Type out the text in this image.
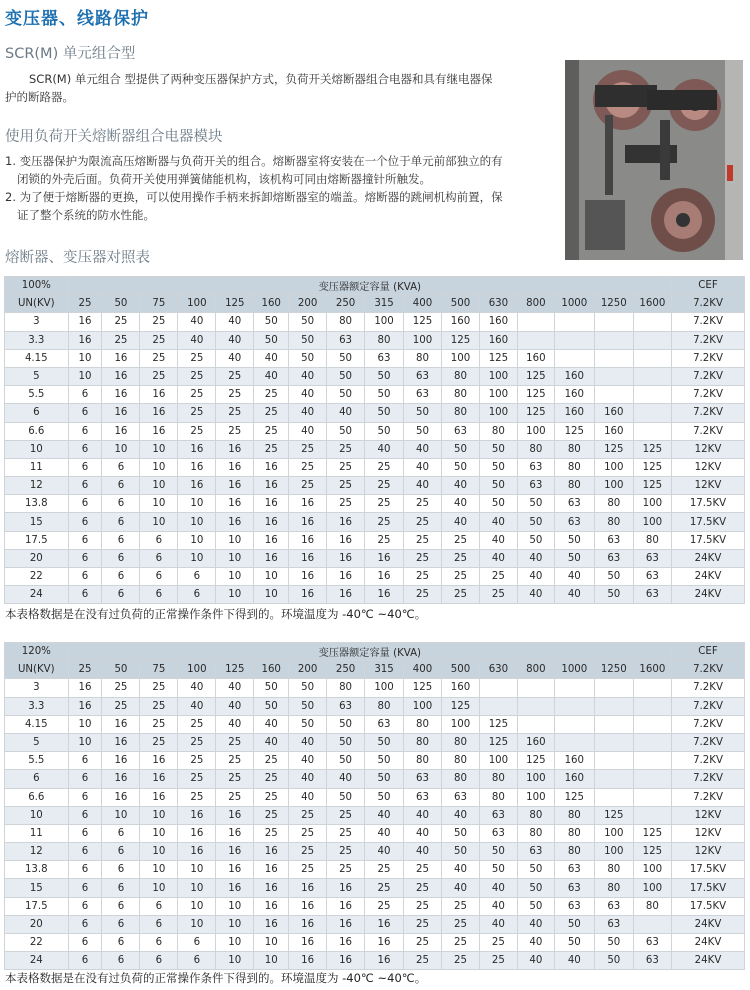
变压器、线路保护
SCR(M) 单元组合型

SCR(M) 单元组合 型提供了两种变压器保护方式，负荷开关熔断器组合电器和具有继电器保护的断路器。

使用负荷开关熔断器组合电器模块

1. 变压器保护为限流高压熔断器与负荷开关的组合。熔断器室将安装在一个位于单元前部独立的有闭锁的外壳后面。负荷开关使用弹簧储能机构，该机构可同由熔断器撞针所触发。

2. 为了便于熔断器的更换，可以使用操作手柄来拆卸熔断器室的端盖。熔断器的跳闸机构前置，保证了整个系统的防水性能。

熔断器、变压器对照表
100%	变压器额定容量 (KVA)																CEF
UN(KV)	25	50	75	100	125	160	200	250	315	400	500	630	800	1000	1250	1600	7.2KV
3	16	25	25	40	40	50	50	80	100	125	160	160					7.2KV
3.3	16	25	25	40	40	50	50	63	80	100	125	160					7.2KV
4.15	10	16	25	25	40	40	50	50	63	80	100	125	160				7.2KV
5	10	16	25	25	25	40	40	50	50	63	80	100	125	160			7.2KV
5.5	6	16	16	25	25	25	40	50	50	63	80	100	125	160			7.2KV
6	6	16	16	25	25	25	40	40	50	50	80	100	125	160	160		7.2KV
6.6	6	16	16	25	25	25	40	50	50	50	63	80	100	125	160		7.2KV
10	6	10	10	16	16	25	25	25	40	40	50	50	80	80	125	125	12KV
11	6	6	10	16	16	16	25	25	25	40	50	50	63	80	100	125	12KV
12	6	6	10	16	16	16	25	25	25	40	40	50	63	80	100	125	12KV
13.8	6	6	10	10	16	16	16	25	25	25	40	50	50	63	80	100	17.5KV
15	6	6	10	10	16	16	16	16	25	25	40	40	50	63	80	100	17.5KV
17.5	6	6	6	10	10	16	16	16	25	25	25	40	50	50	63	80	17.5KV
20	6	6	6	10	10	16	16	16	16	25	25	40	40	50	63	63	24KV
22	6	6	6	6	10	10	16	16	16	25	25	25	40	40	50	63	24KV
24	6	6	6	6	10	10	16	16	16	25	25	25	40	40	50	63	24KV
本表格数据是在没有过负荷的正常操作条件下得到的。环境温度为 -40℃ ~40℃。
120%	变压器额定容量 (KVA)																CEF
UN(KV)	25	50	75	100	125	160	200	250	315	400	500	630	800	1000	1250	1600	7.2KV
3	16	25	25	40	40	50	50	80	100	125	160						7.2KV
3.3	16	25	25	40	40	50	50	63	80	100	125						7.2KV
4.15	10	16	25	25	40	40	50	50	63	80	100	125					7.2KV
5	10	16	25	25	25	40	40	50	50	80	80	125	160				7.2KV
5.5	6	16	16	25	25	25	40	50	50	80	80	100	125	160			7.2KV
6	6	16	16	25	25	25	40	40	50	63	80	80	100	160			7.2KV
6.6	6	16	16	25	25	25	40	50	50	63	63	80	100	125			7.2KV
10	6	10	10	16	16	25	25	25	40	40	40	63	80	80	125		12KV
11	6	6	10	16	16	25	25	25	40	40	50	63	80	80	100	125	12KV
12	6	6	10	16	16	16	25	25	40	40	50	50	63	80	100	125	12KV
13.8	6	6	10	10	16	16	25	25	25	25	40	50	50	63	80	100	17.5KV
15	6	6	10	10	16	16	16	16	25	25	40	40	50	63	80	100	17.5KV
17.5	6	6	6	10	10	16	16	16	25	25	25	40	50	63	63	80	17.5KV
20	6	6	6	10	10	16	16	16	16	25	25	40	40	50	63		24KV
22	6	6	6	6	10	10	16	16	16	25	25	25	40	50	50	63	24KV
24	6	6	6	6	10	10	16	16	16	25	25	25	40	40	50	63	24KV
本表格数据是在没有过负荷的正常操作条件下得到的。环境温度为 -40℃ ~40℃。
